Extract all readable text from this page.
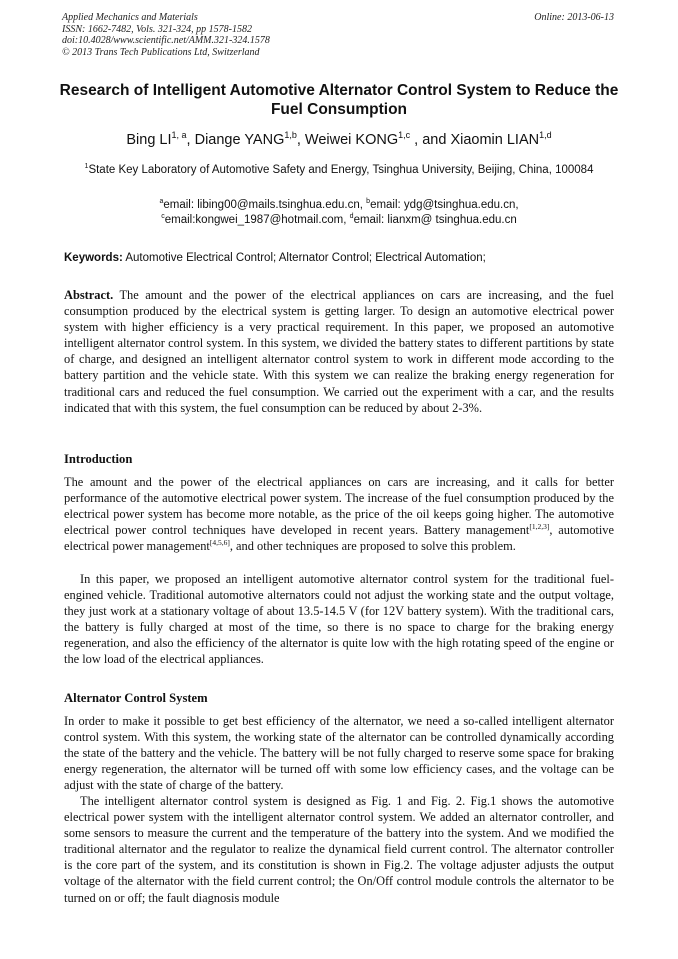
Applied Mechanics and Materials
ISSN: 1662-7482, Vols. 321-324, pp 1578-1582
doi:10.4028/www.scientific.net/AMM.321-324.1578
© 2013 Trans Tech Publications Ltd, Switzerland
Online: 2013-06-13
Research of Intelligent Automotive Alternator Control System to Reduce the Fuel Consumption
Bing LI$^{1, a}$, Diange YANG$^{1,b}$, Weiwei KONG$^{1,c}$ , and Xiaomin LIAN$^{1,d}$
$^1$State Key Laboratory of Automotive Safety and Energy, Tsinghua University, Beijing, China, 100084
$^a$email: libing00@mails.tsinghua.edu.cn, $^b$email: ydg@tsinghua.edu.cn,
$^c$email:kongwei_1987@hotmail.com, $^d$email: lianxm@ tsinghua.edu.cn
Keywords: Automotive Electrical Control; Alternator Control; Electrical Automation;
Abstract. The amount and the power of the electrical appliances on cars are increasing, and the fuel consumption produced by the electrical system is getting larger. To design an automotive electrical power system with higher efficiency is a very practical requirement. In this paper, we proposed an automotive intelligent alternator control system. In this system, we divided the battery states to different partitions by state of charge, and designed an intelligent alternator control system to work in different mode according to the battery partition and the vehicle state. With this system we can realize the braking energy regeneration for traditional cars and reduced the fuel consumption. We carried out the experiment with a car, and the results indicated that with this system, the fuel consumption can be reduced by about 2-3%.
Introduction
The amount and the power of the electrical appliances on cars are increasing, and it calls for better performance of the automotive electrical power system. The increase of the fuel consumption produced by the electrical power system has become more notable, as the price of the oil keeps going higher. The automotive electrical power control techniques have developed in recent years. Battery management[1,2,3], automotive electrical power management[4,5,6], and other techniques are proposed to solve this problem.
In this paper, we proposed an intelligent automotive alternator control system for the traditional fuel-engined vehicle. Traditional automotive alternators could not adjust the working state and the output voltage, they just work at a stationary voltage of about 13.5-14.5 V (for 12V battery system). With the traditional cars, the battery is fully charged at most of the time, so there is no space to charge for the braking energy regeneration, and also the efficiency of the alternator is quite low with the high rotating speed of the engine or the low load of the electrical appliances.
Alternator Control System
In order to make it possible to get best efficiency of the alternator, we need a so-called intelligent alternator control system. With this system, the working state of the alternator can be controlled dynamically according the state of the battery and the vehicle. The battery will be not fully charged to reserve some space for braking energy regeneration, the alternator will be turned off with some low efficiency cases, and the voltage can be adjust with the state of charge of the battery.
The intelligent alternator control system is designed as Fig. 1 and Fig. 2. Fig.1 shows the automotive electrical power system with the intelligent alternator control system. We added an alternator controller, and some sensors to measure the current and the temperature of the battery into the system. And we modified the traditional alternator and the regulator to realize the dynamical field current control. The alternator controller is the core part of the system, and its constitution is shown in Fig.2. The voltage adjuster adjusts the output voltage of the alternator with the field current control; the On/Off control module controls the alternator to be turned on or off; the fault diagnosis module
